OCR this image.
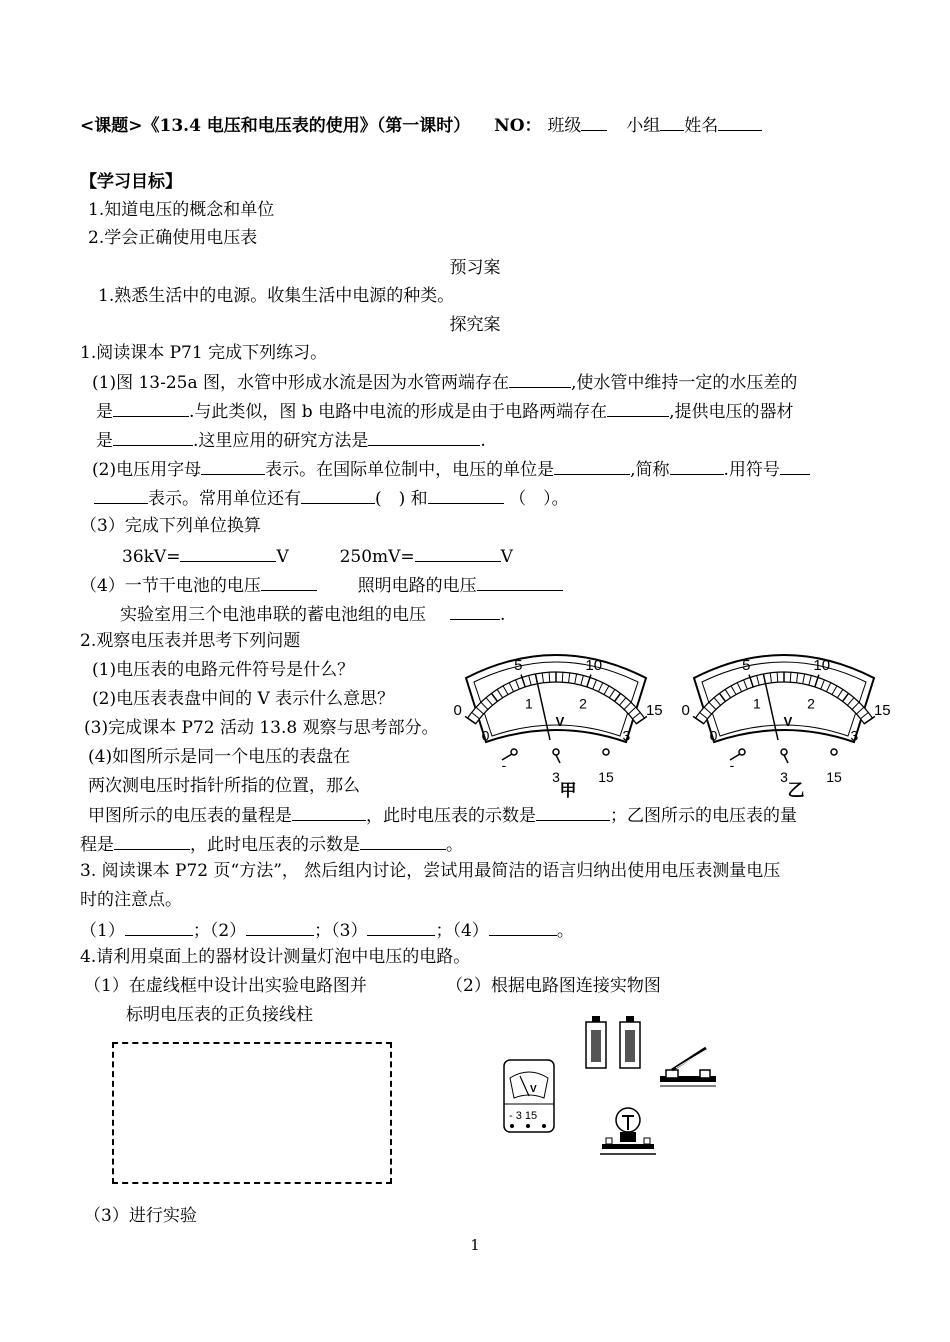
<课题>《13.4 电压和电压表的使用》（第一课时） NO： 班级	小组 姓名
【学习目标】
1.知道电压的概念和单位
2.学会正确使用电压表
预习案
1.熟悉生活中的电源。收集生活中电源的种类。
探究案
1.阅读课本 P71 完成下列练习。
(1)图 13-25a 图，水管中形成水流是因为水管两端存在	,使水管中维持一定的水压差的
是	.与此类似，图 b 电路中电流的形成是由于电路两端存在	,提供电压的器材
是	.这里应用的研究方法是	.
(2)电压用字母	表示。在国际单位制中，电压的单位是	,简称	.用符号
表示。常用单位还有	(　) 和	（　）。
（3）完成下列单位换算
36kV=	V	250mV=	V
（4）一节干电池的电压	照明电路的电压
实验室用三个电池串联的蓄电池组的电压	.
2.观察电压表并思考下列问题
(1)电压表的电路元件符号是什么？
(2)电压表表盘中间的 V 表示什么意思？
(3)完成课本 P72 活动 13.8 观察与思考部分。
(4)如图所示是同一个电压的表盘在
两次测电压时指针所指的位置，那么
甲图所示的电压表的量程是	，此时电压表的示数是	；乙图所示的电压表的量
程是	，此时电压表的示数是	。
0
5	10
15
0
1	2
3
V
-
3	15
甲
0
5	10
15
0
1	2
3
V
-
3	15
乙
3. 阅读课本 P72 页“方法”， 然后组内讨论，尝试用最简洁的语言归纳出使用电压表测量电压
时的注意点。
（1）	；（2）	；（3）	；（4）	。
4.请利用桌面上的器材设计测量灯泡中电压的电路。
（1）在虚线框中设计出实验电路图并	（2）根据电路图连接实物图
标明电压表的正负接线柱
V
- 3 15
（3）进行实验
1
